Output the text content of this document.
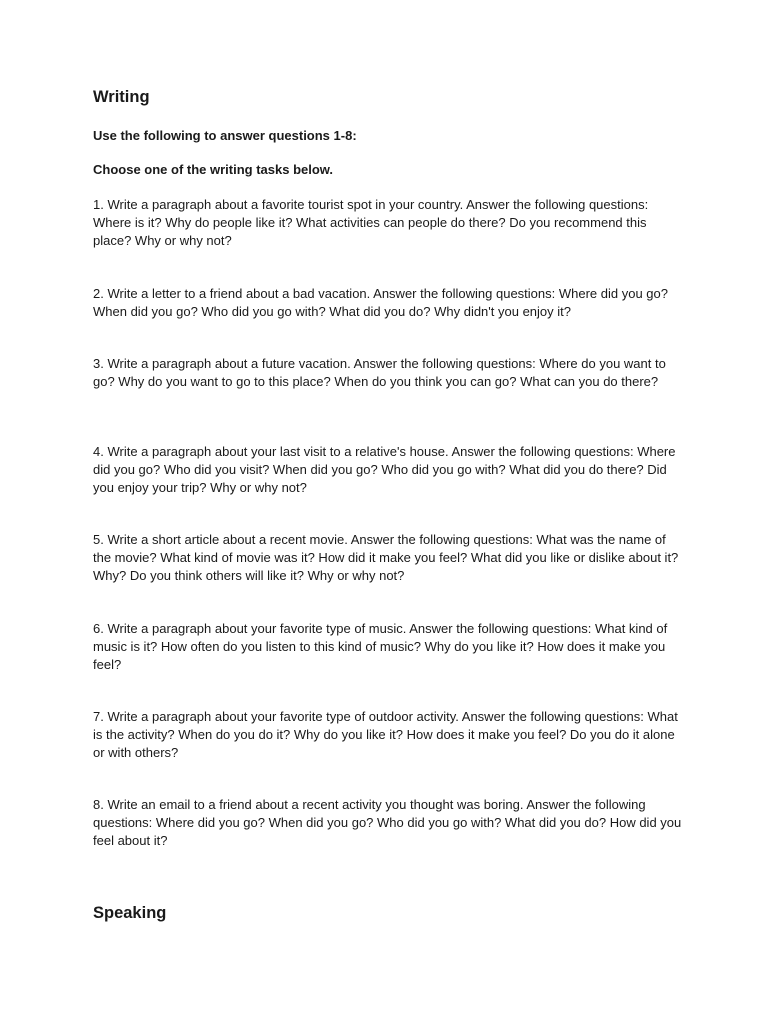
Writing

Use the following to answer questions 1-8:

Choose one of the writing tasks below.

1. Write a paragraph about a favorite tourist spot in your country. Answer the following questions: Where is it? Why do people like it? What activities can people do there? Do you recommend this place? Why or why not?

2. Write a letter to a friend about a bad vacation. Answer the following questions: Where did you go? When did you go? Who did you go with? What did you do? Why didn't you enjoy it?

3. Write a paragraph about a future vacation. Answer the following questions: Where do you want to go? Why do you want to go to this place? When do you think you can go? What can you do there?

4. Write a paragraph about your last visit to a relative's house. Answer the following questions: Where did you go? Who did you visit? When did you go? Who did you go with? What did you do there? Did you enjoy your trip? Why or why not?

5. Write a short article about a recent movie. Answer the following questions: What was the name of the movie? What kind of movie was it? How did it make you feel? What did you like or dislike about it? Why? Do you think others will like it? Why or why not?

6. Write a paragraph about your favorite type of music. Answer the following questions: What kind of music is it? How often do you listen to this kind of music? Why do you like it? How does it make you feel?

7. Write a paragraph about your favorite type of outdoor activity. Answer the following questions: What is the activity? When do you do it? Why do you like it? How does it make you feel? Do you do it alone or with others?

8. Write an email to a friend about a recent activity you thought was boring. Answer the following questions: Where did you go? When did you go? Who did you go with? What did you do? How did you feel about it?

Speaking
